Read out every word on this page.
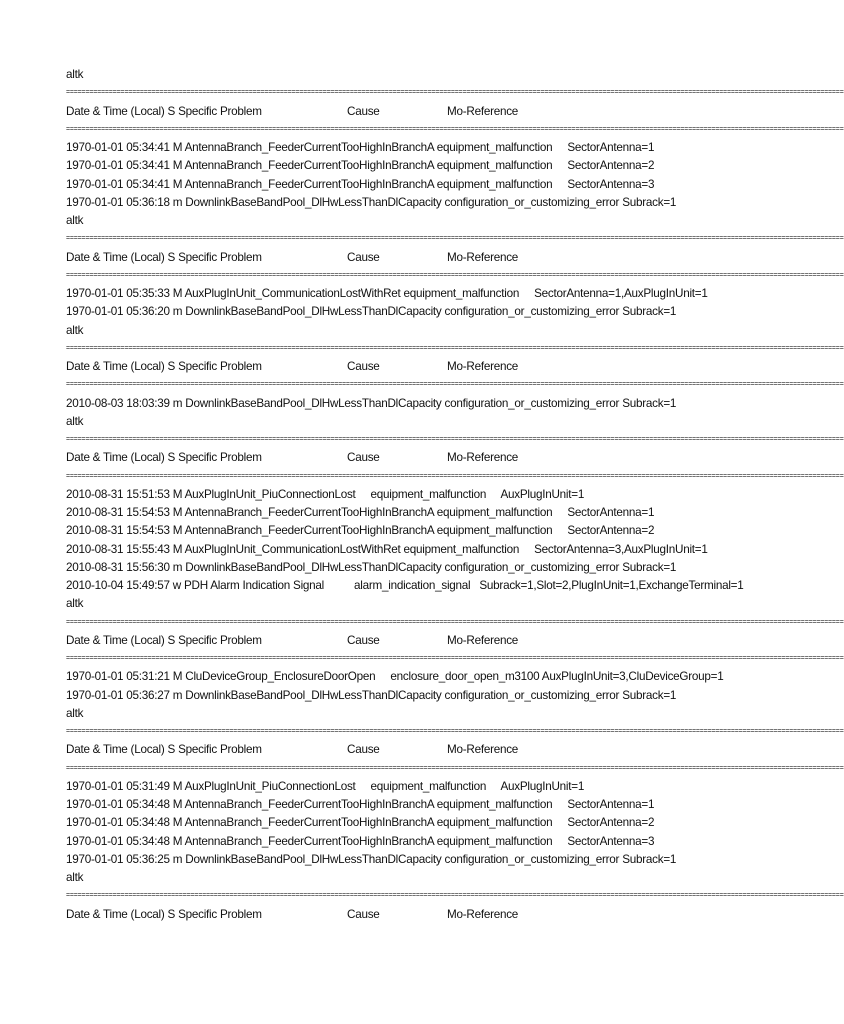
altk
========================================================================================================================================================================================================
Date & Time (Local) S Specific Problem	Cause	Mo-Reference
========================================================================================================================================================================================================
1970-01-01 05:34:41 M AntennaBranch_FeederCurrentTooHighInBranchA equipment_malfunction     SectorAntenna=1
1970-01-01 05:34:41 M AntennaBranch_FeederCurrentTooHighInBranchA equipment_malfunction     SectorAntenna=2
1970-01-01 05:34:41 M AntennaBranch_FeederCurrentTooHighInBranchA equipment_malfunction     SectorAntenna=3
1970-01-01 05:36:18 m DownlinkBaseBandPool_DlHwLessThanDlCapacity configuration_or_customizing_error Subrack=1
altk
========================================================================================================================================================================================================
Date & Time (Local) S Specific Problem	Cause	Mo-Reference
========================================================================================================================================================================================================
1970-01-01 05:35:33 M AuxPlugInUnit_CommunicationLostWithRet equipment_malfunction     SectorAntenna=1,AuxPlugInUnit=1
1970-01-01 05:36:20 m DownlinkBaseBandPool_DlHwLessThanDlCapacity configuration_or_customizing_error Subrack=1
altk
========================================================================================================================================================================================================
Date & Time (Local) S Specific Problem	Cause	Mo-Reference
========================================================================================================================================================================================================
2010-08-03 18:03:39 m DownlinkBaseBandPool_DlHwLessThanDlCapacity configuration_or_customizing_error Subrack=1
altk
========================================================================================================================================================================================================
Date & Time (Local) S Specific Problem	Cause	Mo-Reference
========================================================================================================================================================================================================
2010-08-31 15:51:53 M AuxPlugInUnit_PiuConnectionLost     equipment_malfunction     AuxPlugInUnit=1
2010-08-31 15:54:53 M AntennaBranch_FeederCurrentTooHighInBranchA equipment_malfunction     SectorAntenna=1
2010-08-31 15:54:53 M AntennaBranch_FeederCurrentTooHighInBranchA equipment_malfunction     SectorAntenna=2
2010-08-31 15:55:43 M AuxPlugInUnit_CommunicationLostWithRet equipment_malfunction     SectorAntenna=3,AuxPlugInUnit=1
2010-08-31 15:56:30 m DownlinkBaseBandPool_DlHwLessThanDlCapacity configuration_or_customizing_error Subrack=1
2010-10-04 15:49:57 w PDH Alarm Indication Signal          alarm_indication_signal   Subrack=1,Slot=2,PlugInUnit=1,ExchangeTerminal=1
altk
========================================================================================================================================================================================================
Date & Time (Local) S Specific Problem	Cause	Mo-Reference
========================================================================================================================================================================================================
1970-01-01 05:31:21 M CluDeviceGroup_EnclosureDoorOpen     enclosure_door_open_m3100 AuxPlugInUnit=3,CluDeviceGroup=1
1970-01-01 05:36:27 m DownlinkBaseBandPool_DlHwLessThanDlCapacity configuration_or_customizing_error Subrack=1
altk
========================================================================================================================================================================================================
Date & Time (Local) S Specific Problem	Cause	Mo-Reference
========================================================================================================================================================================================================
1970-01-01 05:31:49 M AuxPlugInUnit_PiuConnectionLost     equipment_malfunction     AuxPlugInUnit=1
1970-01-01 05:34:48 M AntennaBranch_FeederCurrentTooHighInBranchA equipment_malfunction     SectorAntenna=1
1970-01-01 05:34:48 M AntennaBranch_FeederCurrentTooHighInBranchA equipment_malfunction     SectorAntenna=2
1970-01-01 05:34:48 M AntennaBranch_FeederCurrentTooHighInBranchA equipment_malfunction     SectorAntenna=3
1970-01-01 05:36:25 m DownlinkBaseBandPool_DlHwLessThanDlCapacity configuration_or_customizing_error Subrack=1
altk
========================================================================================================================================================================================================
Date & Time (Local) S Specific Problem	Cause	Mo-Reference
